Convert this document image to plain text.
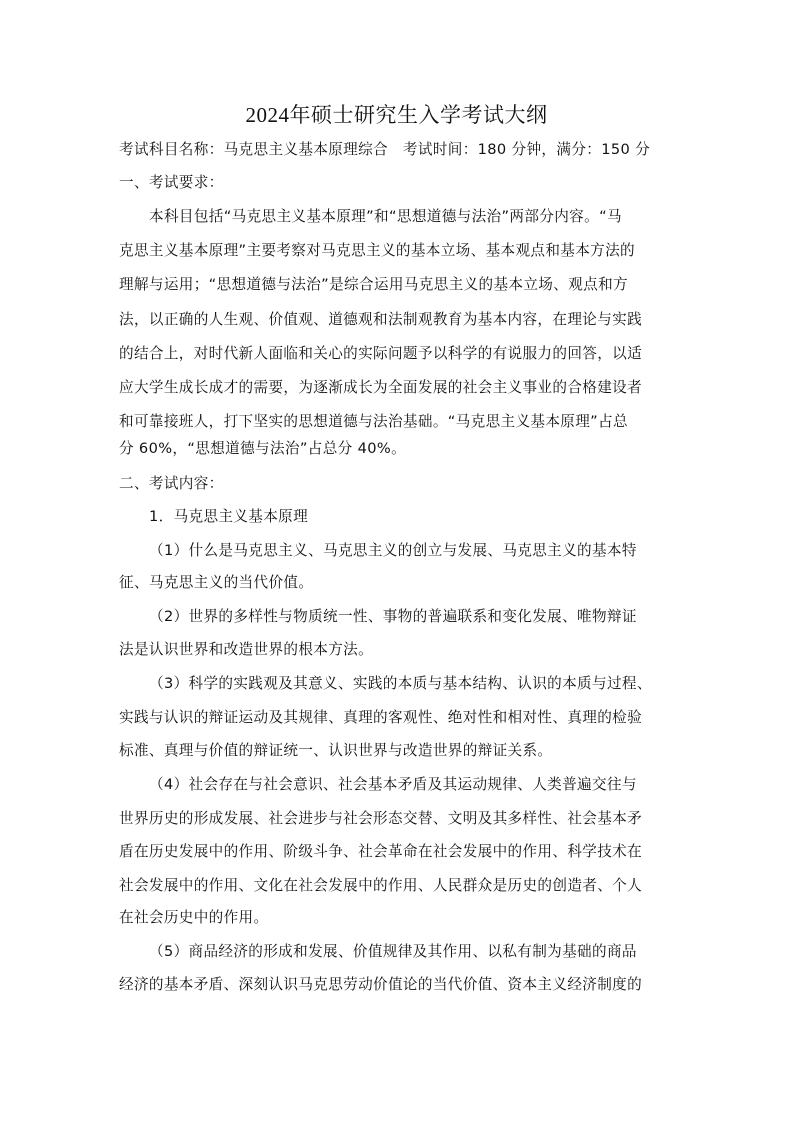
2024年硕士研究生入学考试大纲
考试科目名称：马克思主义基本原理综合　考试时间：180 分钟，满分：150 分
一、考试要求：
本科目包括“马克思主义基本原理”和“思想道德与法治”两部分内容。“马
克思主义基本原理”主要考察对马克思主义的基本立场、基本观点和基本方法的
理解与运用；“思想道德与法治”是综合运用马克思主义的基本立场、观点和方
法，以正确的人生观、价值观、道德观和法制观教育为基本内容，在理论与实践
的结合上，对时代新人面临和关心的实际问题予以科学的有说服力的回答，以适
应大学生成长成才的需要，为逐渐成长为全面发展的社会主义事业的合格建设者
和可靠接班人，打下坚实的思想道德与法治基础。“马克思主义基本原理”占总
分 60%，“思想道德与法治”占总分 40%。
二、考试内容：
1．马克思主义基本原理
（1）什么是马克思主义、马克思主义的创立与发展、马克思主义的基本特
征、马克思主义的当代价值。
（2）世界的多样性与物质统一性、事物的普遍联系和变化发展、唯物辩证
法是认识世界和改造世界的根本方法。
（3）科学的实践观及其意义、实践的本质与基本结构、认识的本质与过程、
实践与认识的辩证运动及其规律、真理的客观性、绝对性和相对性、真理的检验
标准、真理与价值的辩证统一、认识世界与改造世界的辩证关系。
（4）社会存在与社会意识、社会基本矛盾及其运动规律、人类普遍交往与
世界历史的形成发展、社会进步与社会形态交替、文明及其多样性、社会基本矛
盾在历史发展中的作用、阶级斗争、社会革命在社会发展中的作用、科学技术在
社会发展中的作用、文化在社会发展中的作用、人民群众是历史的创造者、个人
在社会历史中的作用。
（5）商品经济的形成和发展、价值规律及其作用、以私有制为基础的商品
经济的基本矛盾、深刻认识马克思劳动价值论的当代价值、资本主义经济制度的
